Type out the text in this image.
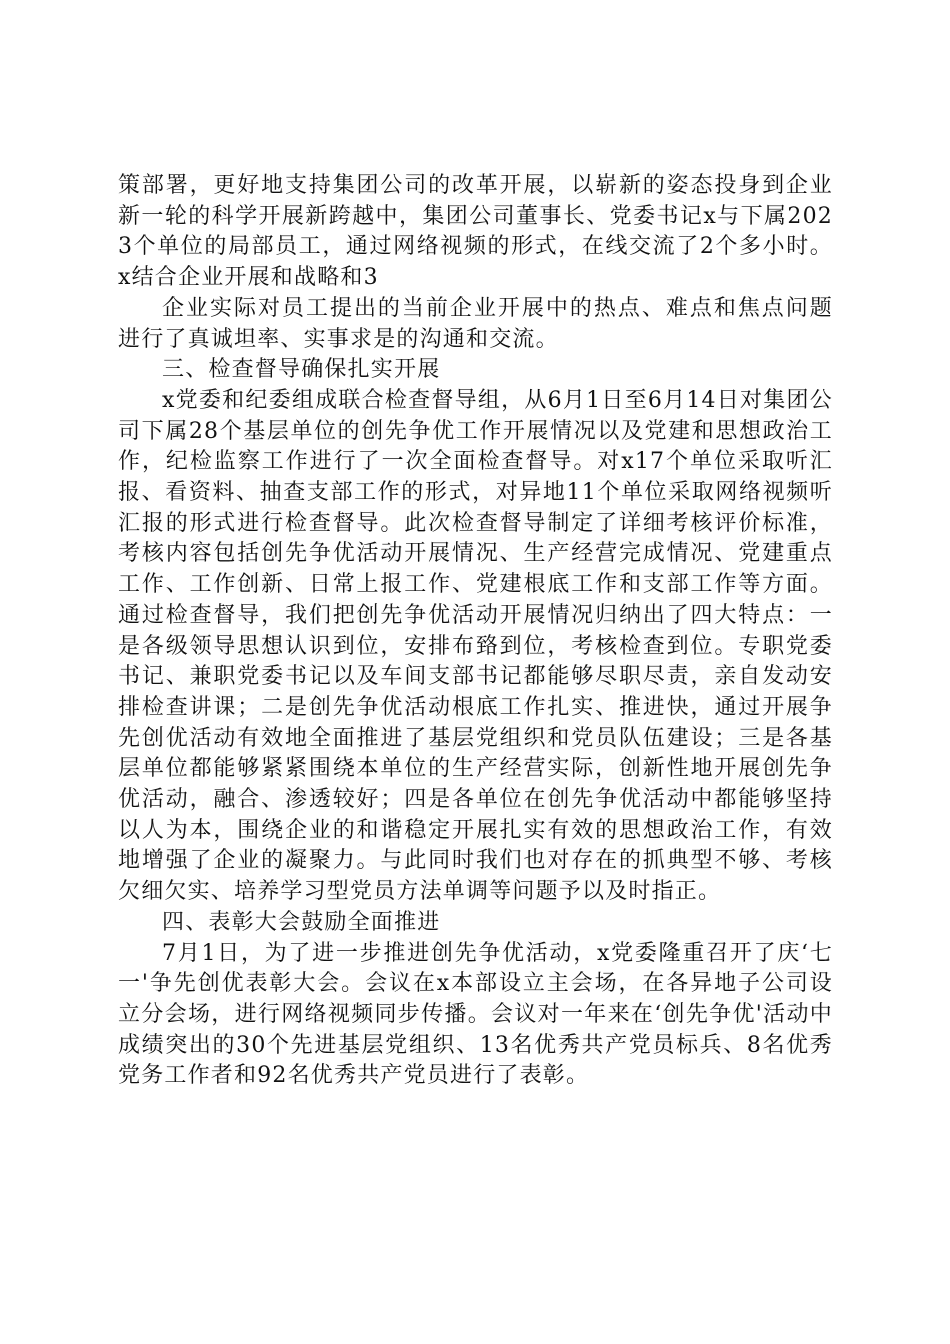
策部署，更好地支持集团公司的改革开展，以崭新的姿态投身到企业新一轮的科学开展新跨越中，集团公司董事长、党委书记x与下属2023个单位的局部员工，通过网络视频的形式，在线交流了2个多小时。x结合企业开展和战略和3

企业实际对员工提出的当前企业开展中的热点、难点和焦点问题进行了真诚坦率、实事求是的沟通和交流。

三、检查督导确保扎实开展

x党委和纪委组成联合检查督导组，从6月1日至6月14日对集团公司下属28个基层单位的创先争优工作开展情况以及党建和思想政治工作，纪检监察工作进行了一次全面检查督导。对x17个单位采取听汇报、看资料、抽查支部工作的形式，对异地11个单位采取网络视频听汇报的形式进行检查督导。此次检查督导制定了详细考核评价标准，考核内容包括创先争优活动开展情况、生产经营完成情况、党建重点工作、工作创新、日常上报工作、党建根底工作和支部工作等方面。通过检查督导，我们把创先争优活动开展情况归纳出了四大特点：一是各级领导思想认识到位，安排布臵到位，考核检查到位。专职党委书记、兼职党委书记以及车间支部书记都能够尽职尽责，亲自发动安排检查讲课；二是创先争优活动根底工作扎实、推进快，通过开展争先创优活动有效地全面推进了基层党组织和党员队伍建设；三是各基层单位都能够紧紧围绕本单位的生产经营实际，创新性地开展创先争优活动，融合、渗透较好；四是各单位在创先争优活动中都能够坚持以人为本，围绕企业的和谐稳定开展扎实有效的思想政治工作，有效地增强了企业的凝聚力。与此同时我们也对存在的抓典型不够、考核欠细欠实、培养学习型党员方法单调等问题予以及时指正。

四、表彰大会鼓励全面推进

7月1日，为了进一步推进创先争优活动，x党委隆重召开了庆‘七一'争先创优表彰大会。会议在x本部设立主会场，在各异地子公司设立分会场，进行网络视频同步传播。会议对一年来在‘创先争优'活动中成绩突出的30个先进基层党组织、13名优秀共产党员标兵、8名优秀党务工作者和92名优秀共产党员进行了表彰。
